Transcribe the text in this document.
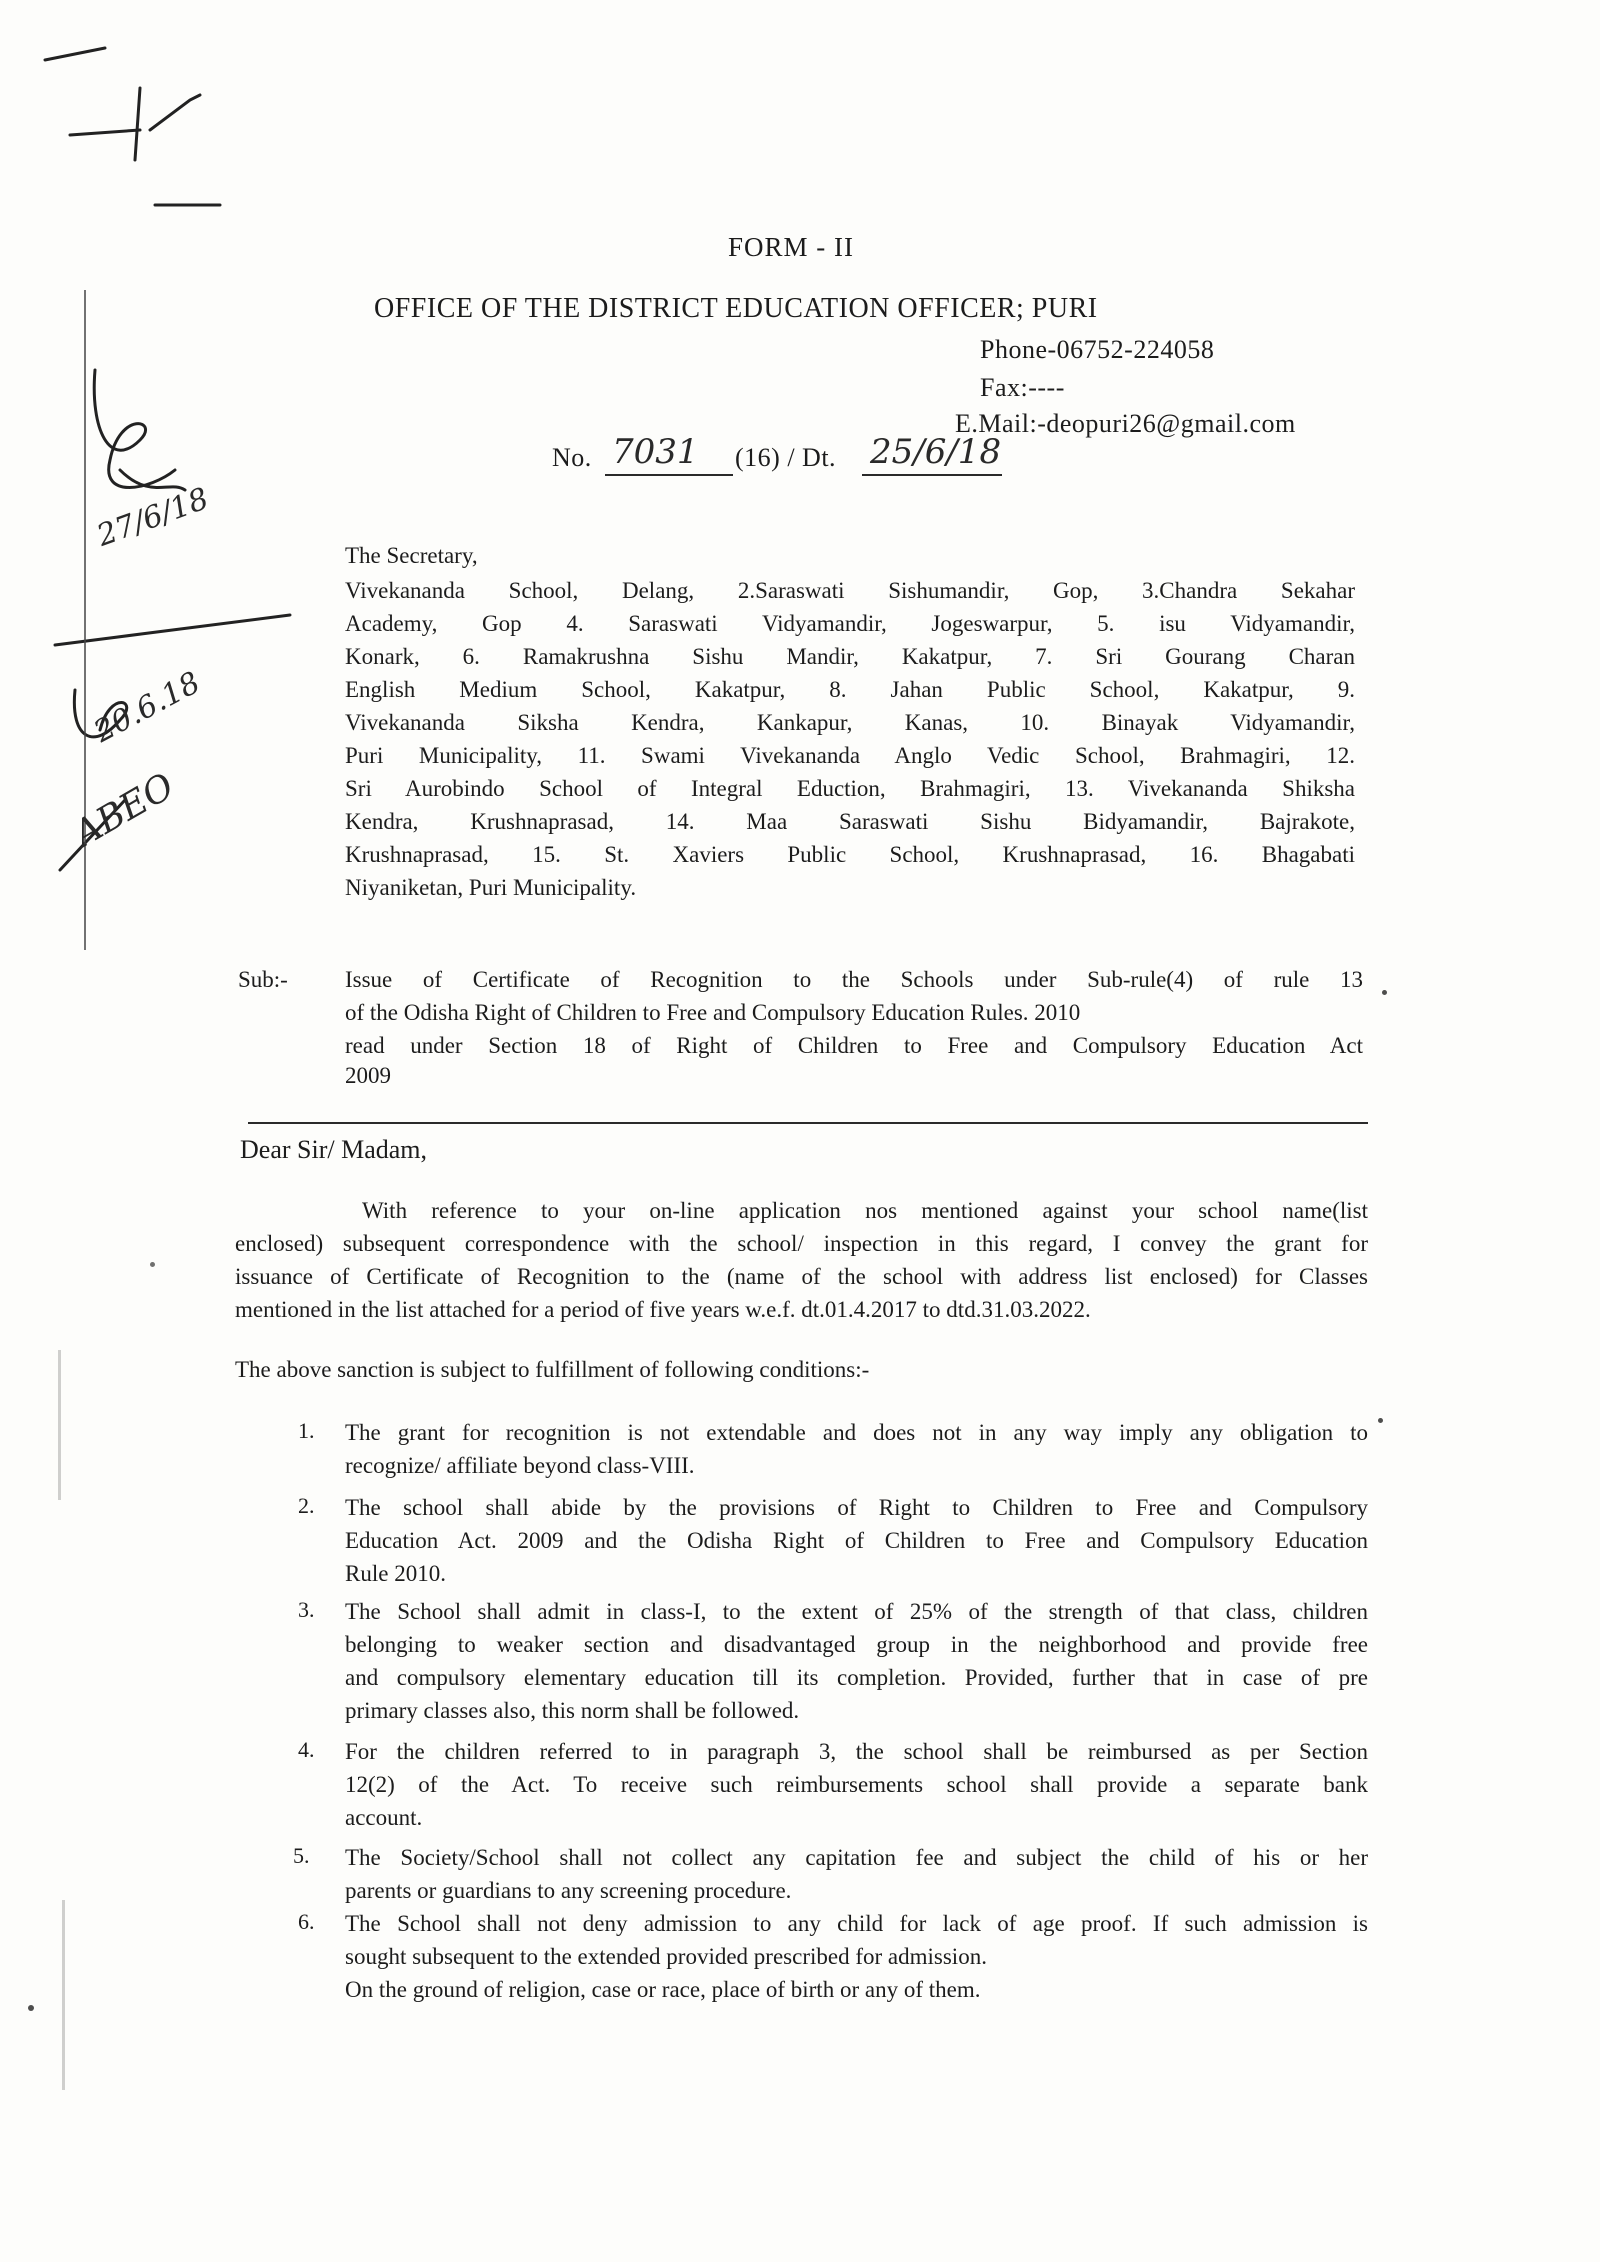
27/6/18
20.6.18
ABEO
FORM - II
OFFICE OF THE DISTRICT EDUCATION OFFICER; PURI
Phone-06752-224058
Fax:----
E.Mail:-deopuri26@gmail.com
No. 7031 (16) / Dt. 25/6/18
The Secretary,
Vivekananda School, Delang, 2.Saraswati Sishumandir, Gop, 3.Chandra Sekahar
Academy, Gop 4. Saraswati Vidyamandir, Jogeswarpur, 5. isu Vidyamandir,
Konark, 6. Ramakrushna Sishu Mandir, Kakatpur, 7. Sri Gourang Charan
English Medium School, Kakatpur, 8. Jahan Public School, Kakatpur, 9.
Vivekananda Siksha Kendra, Kankapur, Kanas, 10. Binayak Vidyamandir,
Puri Municipality, 11. Swami Vivekananda Anglo Vedic School, Brahmagiri, 12.
Sri Aurobindo School of Integral Eduction, Brahmagiri, 13. Vivekananda Shiksha
Kendra, Krushnaprasad, 14. Maa Saraswati Sishu Bidyamandir, Bajrakote,
Krushnaprasad, 15. St. Xaviers Public School, Krushnaprasad, 16. Bhagabati
Niyaniketan, Puri Municipality.
Sub:- Issue of Certificate of Recognition to the Schools under Sub-rule(4) of rule 13
of the Odisha Right of Children to Free and Compulsory Education Rules. 2010
read under Section 18 of Right of Children to Free and Compulsory Education Act
2009
Dear Sir/ Madam,
With reference to your on-line application nos mentioned against your school name(list
enclosed) subsequent correspondence with the school/ inspection in this regard, I convey the grant for
issuance of Certificate of Recognition to the (name of the school with address list enclosed) for Classes
mentioned in the list attached for a period of five years w.e.f. dt.01.4.2017 to dtd.31.03.2022.
The above sanction is subject to fulfillment of following conditions:-
1. The grant for recognition is not extendable and does not in any way imply any obligation to
recognize/ affiliate beyond class-VIII.
2. The school shall abide by the provisions of Right to Children to Free and Compulsory
Education Act. 2009 and the Odisha Right of Children to Free and Compulsory Education
Rule 2010.
3. The School shall admit in class-I, to the extent of 25% of the strength of that class, children
belonging to weaker section and disadvantaged group in the neighborhood and provide free
and compulsory elementary education till its completion. Provided, further that in case of pre
primary classes also, this norm shall be followed.
4. For the children referred to in paragraph 3, the school shall be reimbursed as per Section
12(2) of the Act. To receive such reimbursements school shall provide a separate bank
account.
5. The Society/School shall not collect any capitation fee and subject the child of his or her
parents or guardians to any screening procedure.
6. The School shall not deny admission to any child for lack of age proof. If such admission is
sought subsequent to the extended provided prescribed for admission.
On the ground of religion, case or race, place of birth or any of them.
